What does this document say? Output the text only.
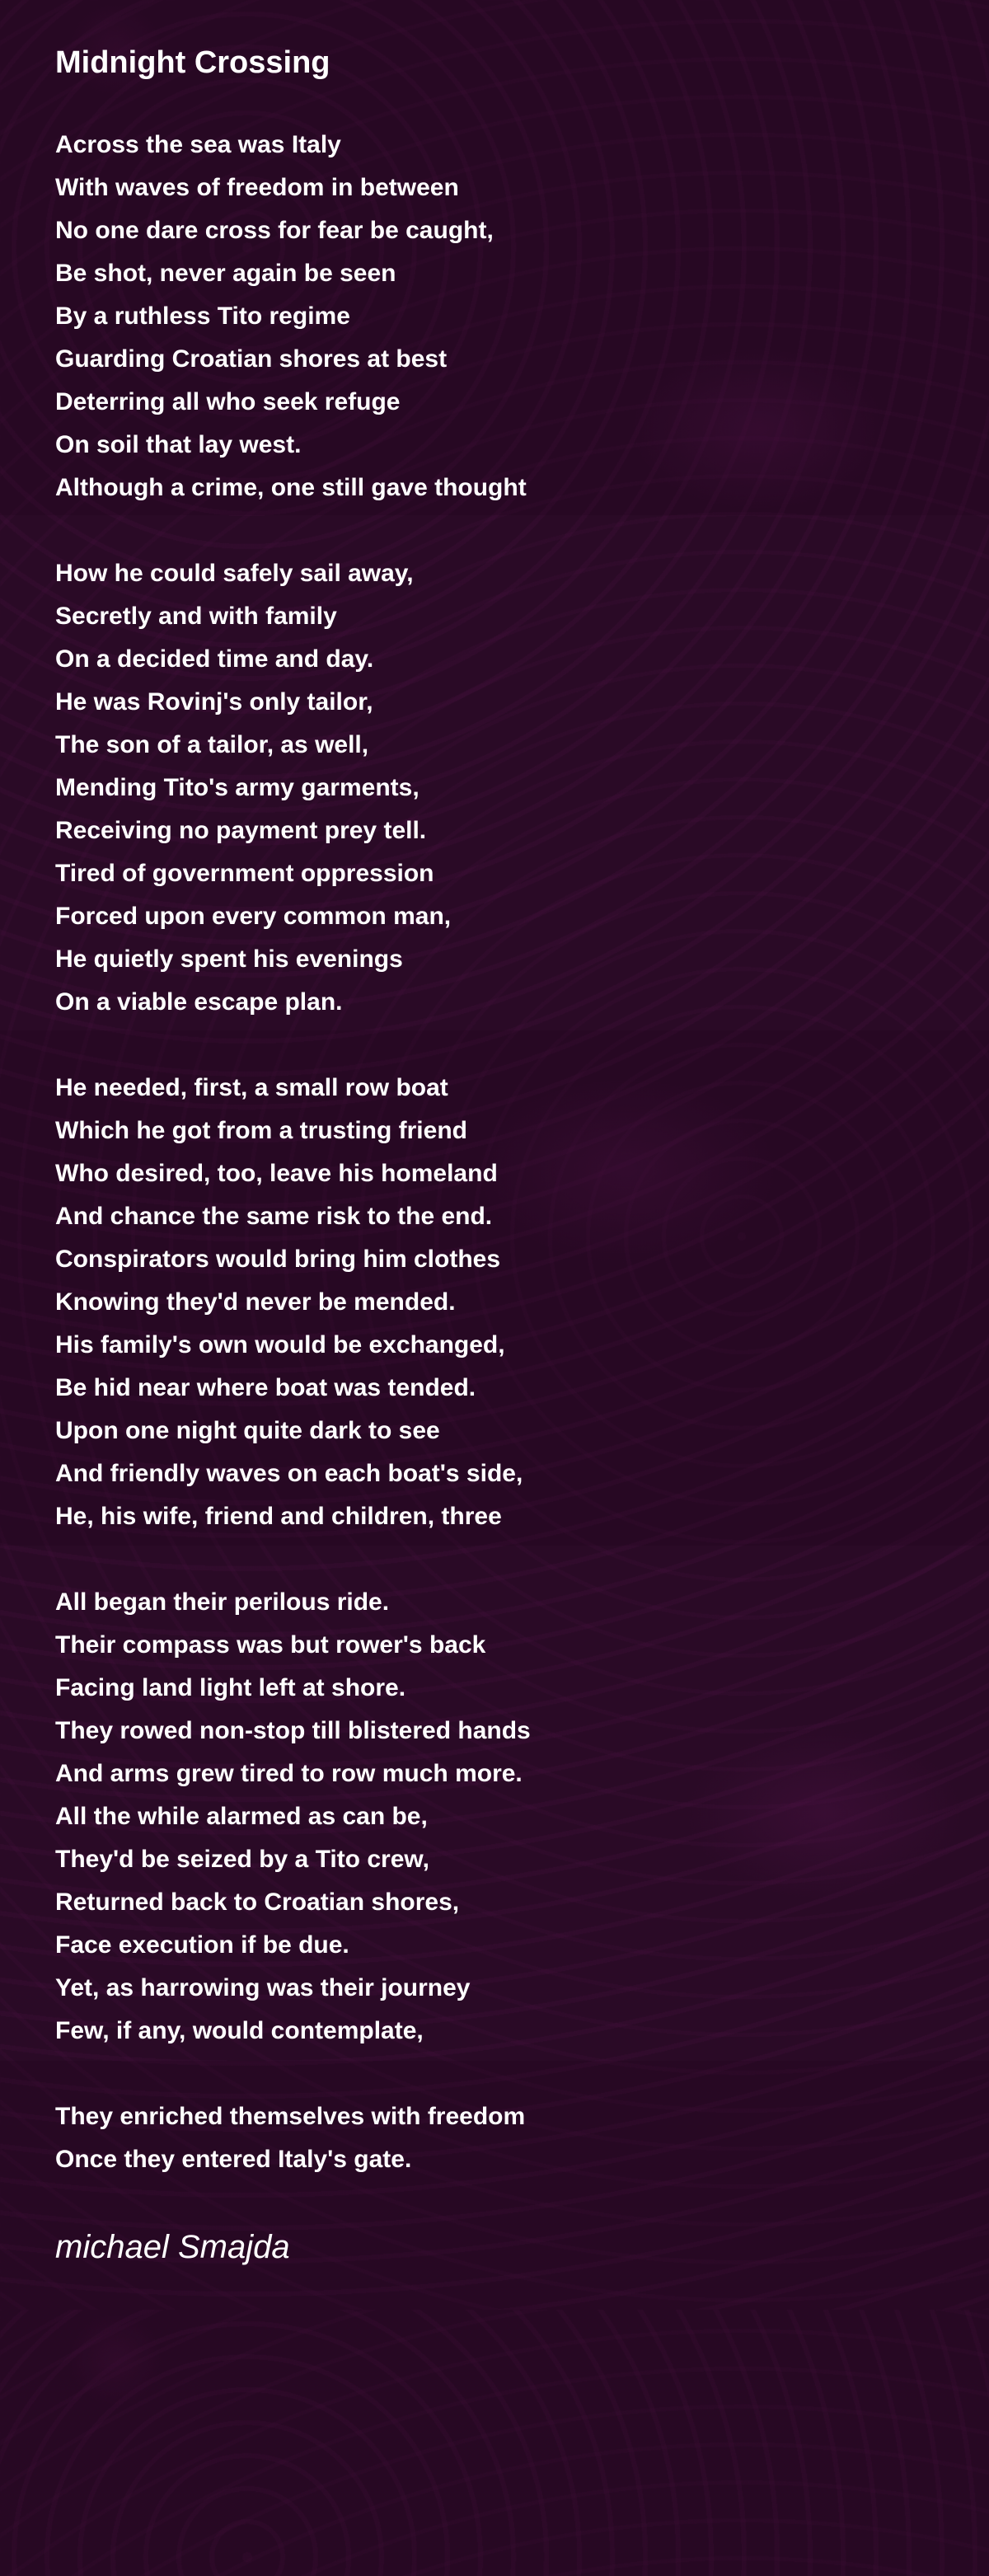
Midnight Crossing
Across the sea was Italy
With waves of freedom in between
No one dare cross for fear be caught,
Be shot, never again be seen
By a ruthless Tito regime
Guarding Croatian shores at best
Deterring all who seek refuge
On soil that lay west.
Although a crime, one still gave thought
How he could safely sail away,
Secretly and with family
On a decided time and day.
He was Rovinj's only tailor,
The son of a tailor, as well,
Mending Tito's army garments,
Receiving no payment prey tell.
Tired of government oppression
Forced upon every common man,
He quietly spent his evenings
On a viable escape plan.
He needed, first, a small row boat
Which he got from a trusting friend
Who desired, too, leave his homeland
And chance the same risk to the end.
Conspirators would bring him clothes
Knowing they'd never be mended.
His family's own would be exchanged,
Be hid near where boat was tended.
Upon one night quite dark to see
And friendly waves on each boat's side,
He, his wife, friend and children, three
All began their perilous ride.
Their compass was but rower's back
Facing land light left at shore.
They rowed non-stop till blistered hands
And arms grew tired to row much more.
All the while alarmed as can be,
They'd be seized by a Tito crew,
Returned back to Croatian shores,
Face execution if be due.
Yet, as harrowing was their journey
Few, if any, would contemplate,
They enriched themselves with freedom
Once they entered Italy's gate.
michael Smajda
